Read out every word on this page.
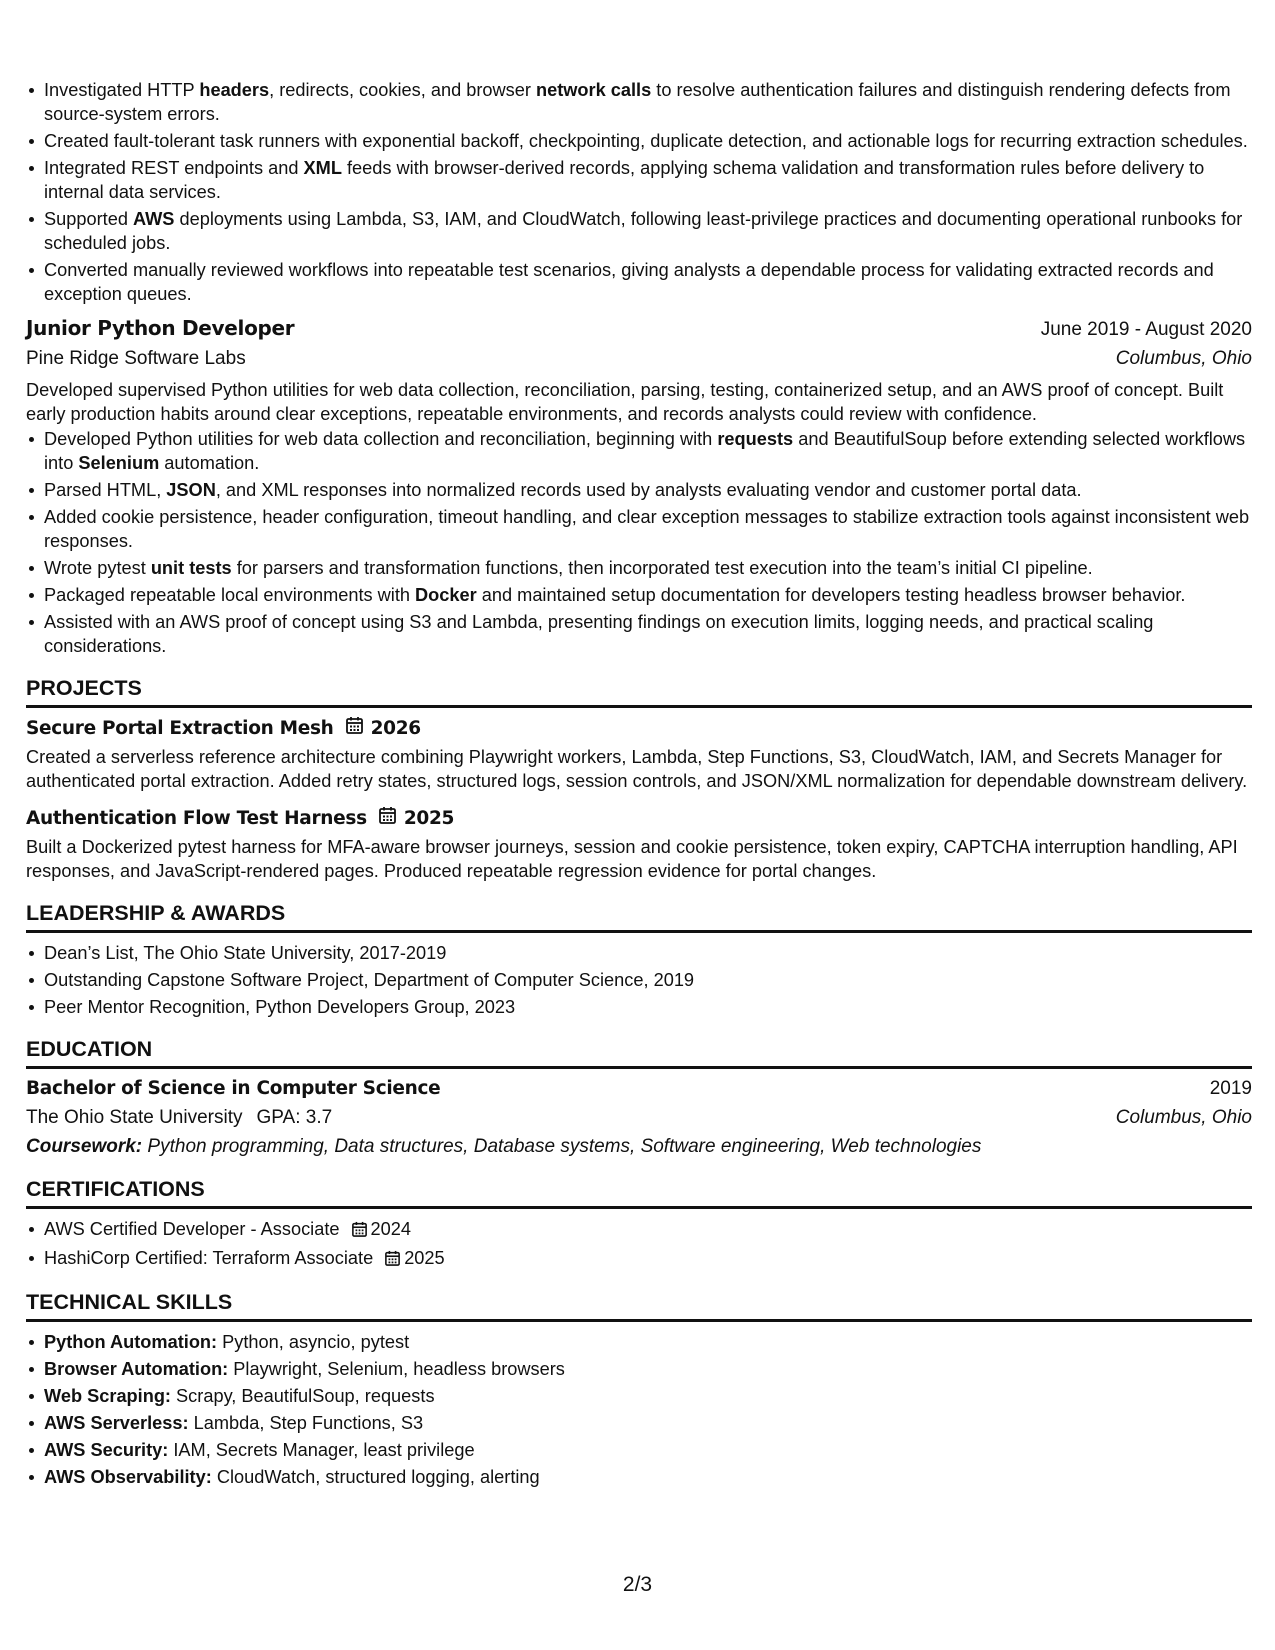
Investigated HTTP headers, redirects, cookies, and browser network calls to resolve authentication failures and distinguish rendering defects from source-system errors.
Created fault-tolerant task runners with exponential backoff, checkpointing, duplicate detection, and actionable logs for recurring extraction schedules.
Integrated REST endpoints and XML feeds with browser-derived records, applying schema validation and transformation rules before delivery to internal data services.
Supported AWS deployments using Lambda, S3, IAM, and CloudWatch, following least-privilege practices and documenting operational runbooks for scheduled jobs.
Converted manually reviewed workflows into repeatable test scenarios, giving analysts a dependable process for validating extracted records and exception queues.
Junior Python Developer	June 2019 - August 2020
Pine Ridge Software Labs	Columbus, Ohio

Developed supervised Python utilities for web data collection, reconciliation, parsing, testing, containerized setup, and an AWS proof of concept. Built early production habits around clear exceptions, repeatable environments, and records analysts could review with confidence.

Developed Python utilities for web data collection and reconciliation, beginning with requests and BeautifulSoup before extending selected workflows into Selenium automation.
Parsed HTML, JSON, and XML responses into normalized records used by analysts evaluating vendor and customer portal data.
Added cookie persistence, header configuration, timeout handling, and clear exception messages to stabilize extraction tools against inconsistent web responses.
Wrote pytest unit tests for parsers and transformation functions, then incorporated test execution into the team’s initial CI pipeline.
Packaged repeatable local environments with Docker and maintained setup documentation for developers testing headless browser behavior.
Assisted with an AWS proof of concept using S3 and Lambda, presenting findings on execution limits, logging needs, and practical scaling considerations.
PROJECTS
Secure Portal Extraction Mesh 2026

Created a serverless reference architecture combining Playwright workers, Lambda, Step Functions, S3, CloudWatch, IAM, and Secrets Manager for authenticated portal extraction. Added retry states, structured logs, session controls, and JSON/XML normalization for dependable downstream delivery.

Authentication Flow Test Harness 2025

Built a Dockerized pytest harness for MFA-aware browser journeys, session and cookie persistence, token expiry, CAPTCHA interruption handling, API responses, and JavaScript-rendered pages. Produced repeatable regression evidence for portal changes.

LEADERSHIP & AWARDS
Dean’s List, The Ohio State University, 2017-2019
Outstanding Capstone Software Project, Department of Computer Science, 2019
Peer Mentor Recognition, Python Developers Group, 2023
EDUCATION
Bachelor of Science in Computer Science	2019
The Ohio State University GPA: 3.7	Columbus, Ohio
Coursework: Python programming, Data structures, Database systems, Software engineering, Web technologies
CERTIFICATIONS
AWS Certified Developer - Associate 2024
HashiCorp Certified: Terraform Associate 2025
TECHNICAL SKILLS
Python Automation: Python, asyncio, pytest
Browser Automation: Playwright, Selenium, headless browsers
Web Scraping: Scrapy, BeautifulSoup, requests
AWS Serverless: Lambda, Step Functions, S3
AWS Security: IAM, Secrets Manager, least privilege
AWS Observability: CloudWatch, structured logging, alerting
2/3
